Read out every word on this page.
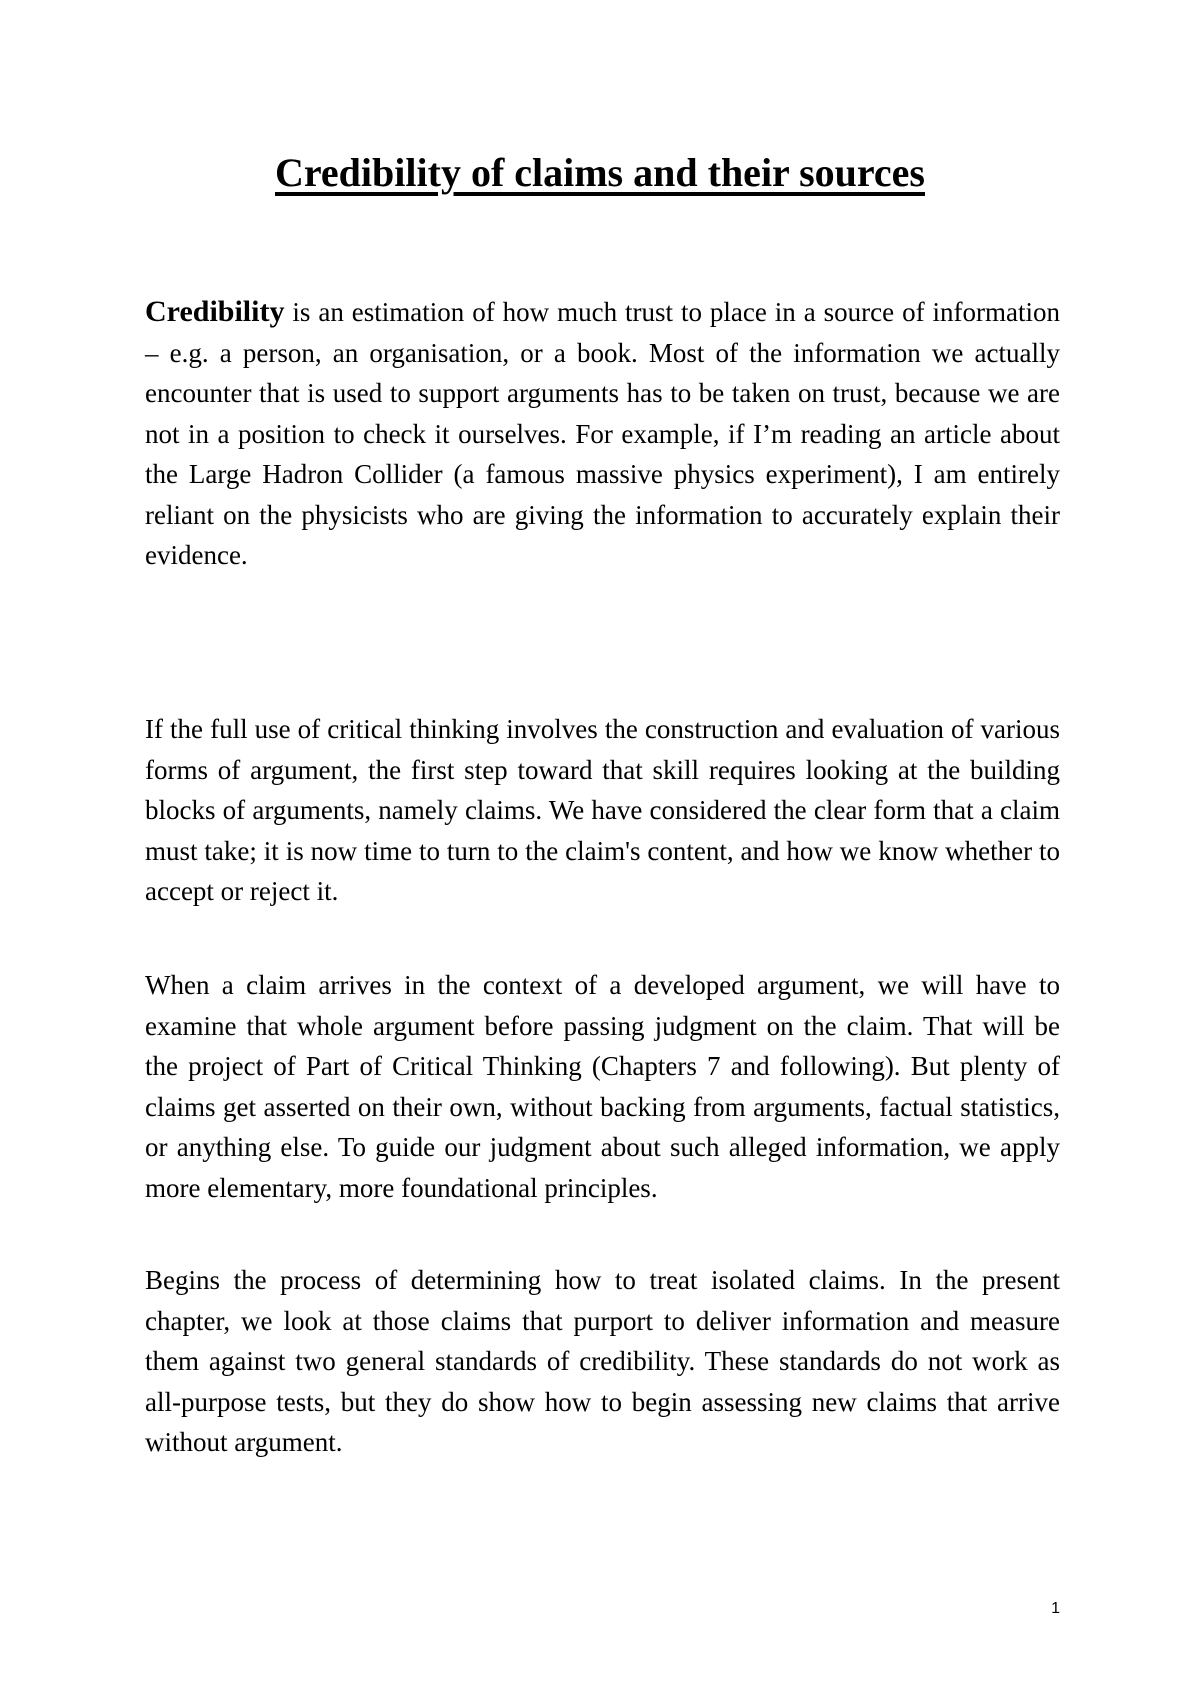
Credibility of claims and their sources

Credibility is an estimation of how much trust to place in a source of information – e.g. a person, an organisation, or a book. Most of the information we actually encounter that is used to support arguments has to be taken on trust, because we are not in a position to check it ourselves. For example, if I’m reading an article about the Large Hadron Collider (a famous massive physics experiment), I am entirely reliant on the physicists who are giving the information to accurately explain their evidence.

If the full use of critical thinking involves the construction and evaluation of various forms of argument, the first step toward that skill requires looking at the building blocks of arguments, namely claims. We have considered the clear form that a claim must take; it is now time to turn to the claim's content, and how we know whether to accept or reject it.

When a claim arrives in the context of a developed argument, we will have to examine that whole argument before passing judgment on the claim. That will be the project of Part of Critical Thinking (Chapters 7 and following). But plenty of claims get asserted on their own, without backing from arguments, factual statistics, or anything else. To guide our judgment about such alleged information, we apply more elementary, more foundational principles.

Begins the process of determining how to treat isolated claims. In the present chapter, we look at those claims that purport to deliver information and measure them against two general standards of credibility. These standards do not work as all-purpose tests, but they do show how to begin assessing new claims that arrive without argument.

1
